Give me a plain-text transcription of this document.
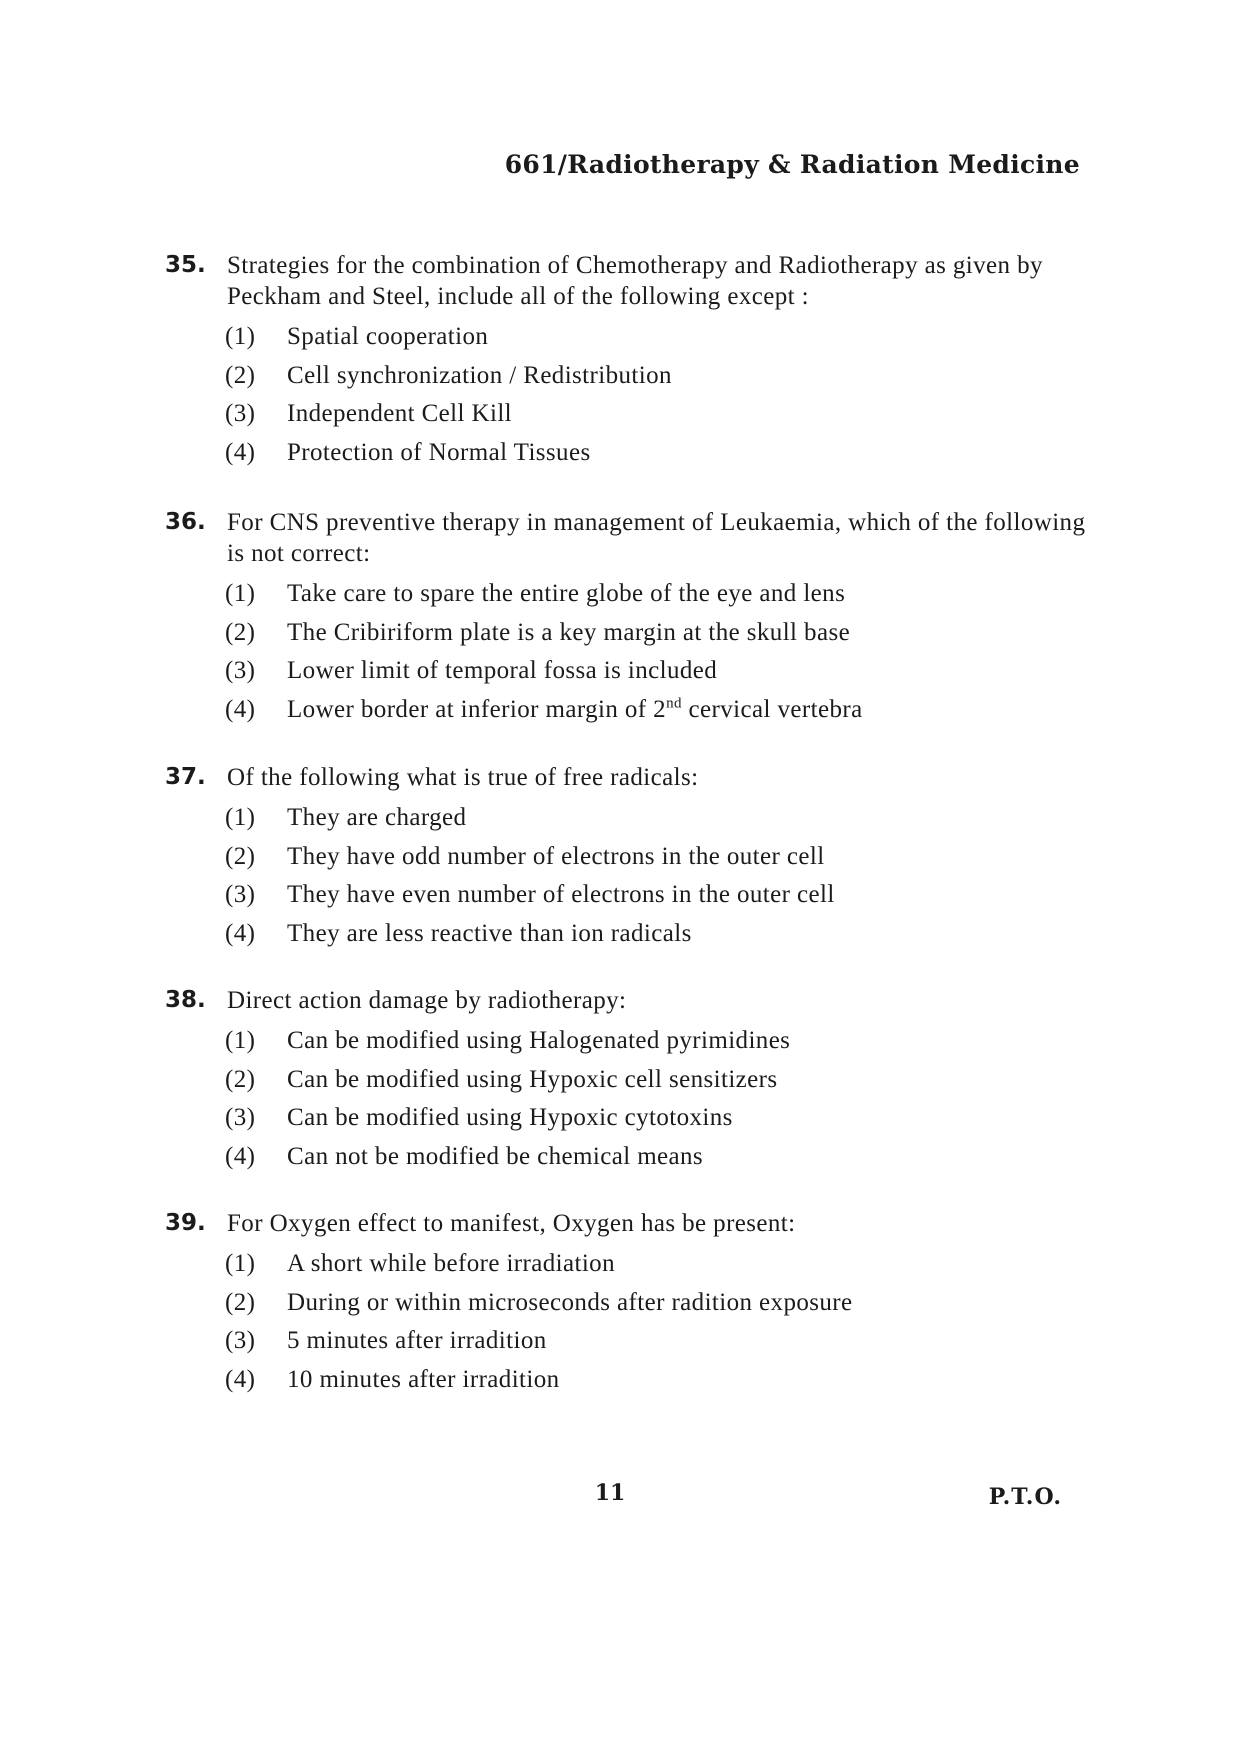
661/Radiotherapy & Radiation Medicine
35. Strategies for the combination of Chemotherapy and Radiotherapy as given by Peckham and Steel, include all of the following except :
(1)	Spatial cooperation
(2)	Cell synchronization / Redistribution
(3)	Independent Cell Kill
(4)	Protection of Normal Tissues
36. For CNS preventive therapy in management of Leukaemia, which of the following is not correct:
(1)	Take care to spare the entire globe of the eye and lens
(2)	The Cribiriform plate is a key margin at the skull base
(3)	Lower limit of temporal fossa is included
(4)	Lower border at inferior margin of 2nd cervical vertebra
37. Of the following what is true of free radicals:
(1)	They are charged
(2)	They have odd number of electrons in the outer cell
(3)	They have even number of electrons in the outer cell
(4)	They are less reactive than ion radicals
38. Direct action damage by radiotherapy:
(1)	Can be modified using Halogenated pyrimidines
(2)	Can be modified using Hypoxic cell sensitizers
(3)	Can be modified using Hypoxic cytotoxins
(4)	Can not be modified be chemical means
39. For Oxygen effect to manifest, Oxygen has be present:
(1)	A short while before irradiation
(2)	During or within microseconds after radition exposure
(3)	5 minutes after irradition
(4)	10 minutes after irradition
11	P.T.O.
